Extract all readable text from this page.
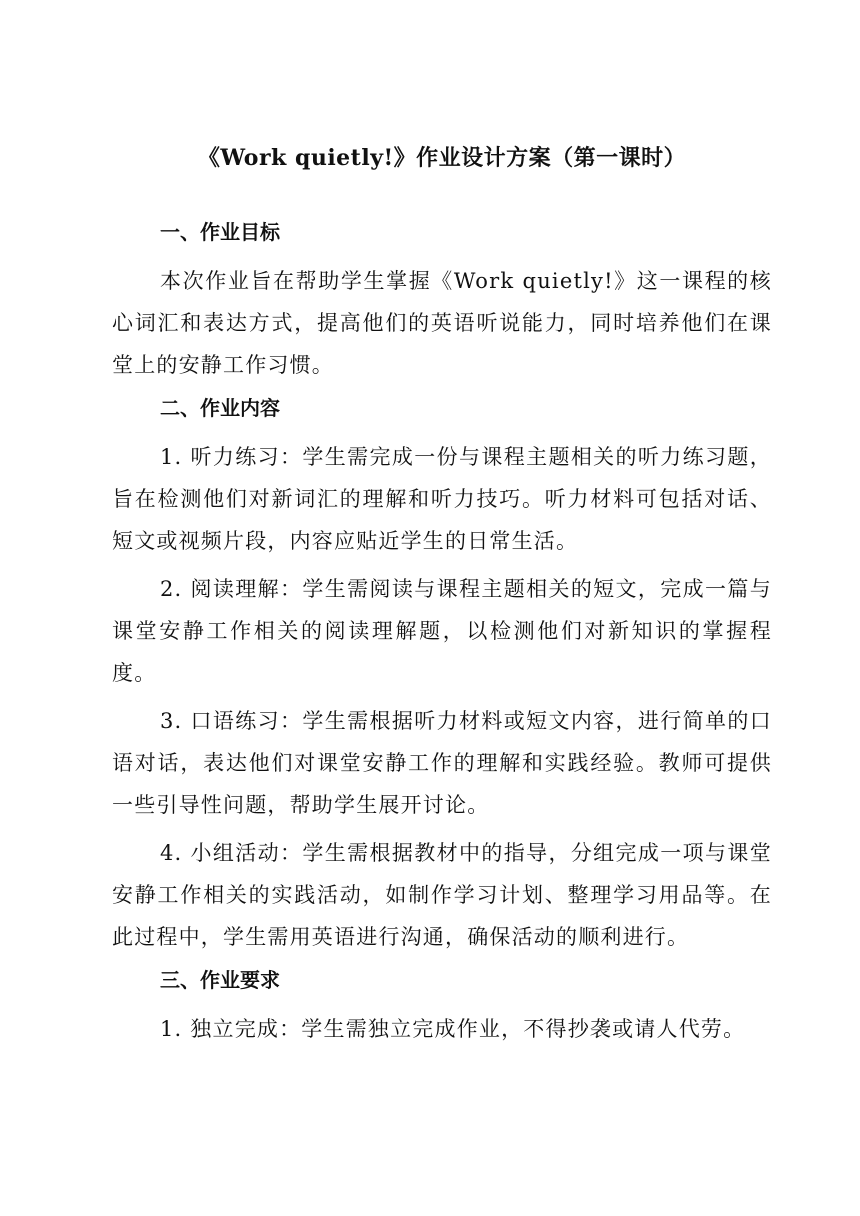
《Work quietly!》作业设计方案（第一课时）
一、作业目标

本次作业旨在帮助学生掌握《Work quietly!》这一课程的核心词汇和表达方式，提高他们的英语听说能力，同时培养他们在课堂上的安静工作习惯。

二、作业内容

1. 听力练习：学生需完成一份与课程主题相关的听力练习题，旨在检测他们对新词汇的理解和听力技巧。听力材料可包括对话、短文或视频片段，内容应贴近学生的日常生活。

2. 阅读理解：学生需阅读与课程主题相关的短文，完成一篇与课堂安静工作相关的阅读理解题，以检测他们对新知识的掌握程度。

3. 口语练习：学生需根据听力材料或短文内容，进行简单的口语对话，表达他们对课堂安静工作的理解和实践经验。教师可提供一些引导性问题，帮助学生展开讨论。

4. 小组活动：学生需根据教材中的指导，分组完成一项与课堂安静工作相关的实践活动，如制作学习计划、整理学习用品等。在此过程中，学生需用英语进行沟通，确保活动的顺利进行。

三、作业要求

1. 独立完成：学生需独立完成作业，不得抄袭或请人代劳。
